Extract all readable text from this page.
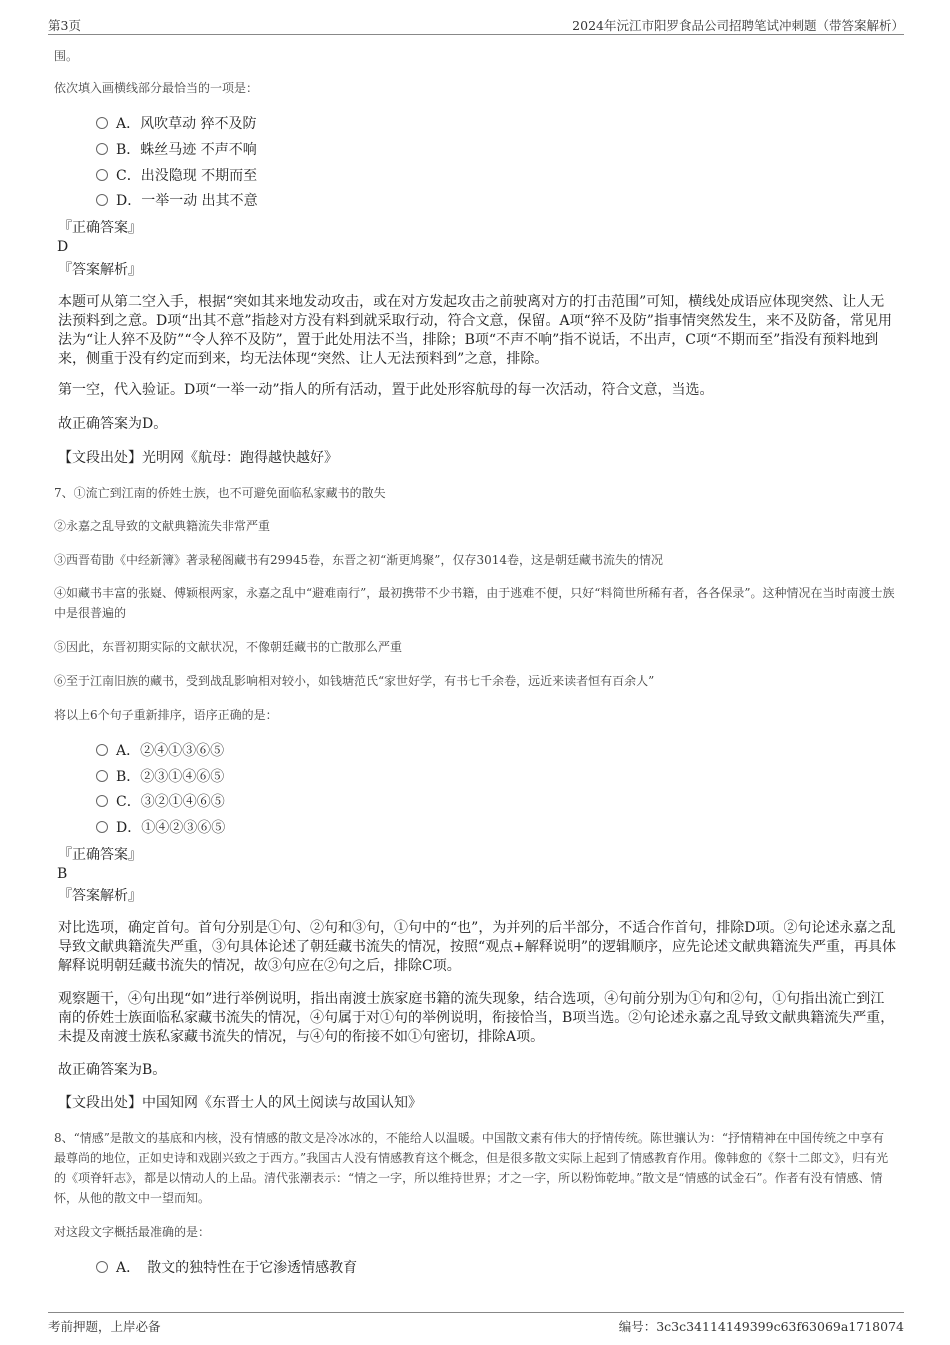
第3页	2024年沅江市阳罗食品公司招聘笔试冲刺题（带答案解析）
围。
依次填入画横线部分最恰当的一项是：
A．风吹草动 猝不及防
B．蛛丝马迹 不声不响
C．出没隐现 不期而至
D．一举一动 出其不意
『正确答案』
D
『答案解析』
本题可从第二空入手，根据“突如其来地发动攻击，或在对方发起攻击之前驶离对方的打击范围”可知，横线处成语应体现突然、让人无法预料到之意。D项“出其不意”指趁对方没有料到就采取行动，符合文意，保留。A项“猝不及防”指事情突然发生，来不及防备，常见用法为“让人猝不及防”“令人猝不及防”，置于此处用法不当，排除；B项“不声不响”指不说话，不出声，C项“不期而至”指没有预料地到来，侧重于没有约定而到来，均无法体现“突然、让人无法预料到”之意，排除。
第一空，代入验证。D项“一举一动”指人的所有活动，置于此处形容航母的每一次活动，符合文意，当选。
故正确答案为D。
【文段出处】光明网《航母：跑得越快越好》
7、①流亡到江南的侨姓士族，也不可避免面临私家藏书的散失
②永嘉之乱导致的文献典籍流失非常严重
③西晋荀勖《中经新簿》著录秘阁藏书有29945卷，东晋之初“渐更鸠聚”，仅存3014卷，这是朝廷藏书流失的情况
④如藏书丰富的张嶷、傅颖根两家，永嘉之乱中“避难南行”，最初携带不少书籍，由于逃难不便，只好“料简世所稀有者，各各保录”。这种情况在当时南渡士族中是很普遍的
⑤因此，东晋初期实际的文献状况，不像朝廷藏书的亡散那么严重
⑥至于江南旧族的藏书，受到战乱影响相对较小，如钱塘范氏“家世好学，有书七千余卷，远近来读者恒有百余人”
将以上6个句子重新排序，语序正确的是：
A．②④①③⑥⑤
B．②③①④⑥⑤
C．③②①④⑥⑤
D．①④②③⑥⑤
『正确答案』
B
『答案解析』
对比选项，确定首句。首句分别是①句、②句和③句，①句中的“也”，为并列的后半部分，不适合作首句，排除D项。②句论述永嘉之乱导致文献典籍流失严重，③句具体论述了朝廷藏书流失的情况，按照“观点+解释说明”的逻辑顺序，应先论述文献典籍流失严重，再具体解释说明朝廷藏书流失的情况，故③句应在②句之后，排除C项。
观察题干，④句出现“如”进行举例说明，指出南渡士族家庭书籍的流失现象，结合选项，④句前分别为①句和②句，①句指出流亡到江南的侨姓士族面临私家藏书流失的情况，④句属于对①句的举例说明，衔接恰当，B项当选。②句论述永嘉之乱导致文献典籍流失严重，未提及南渡士族私家藏书流失的情况，与④句的衔接不如①句密切，排除A项。
故正确答案为B。
【文段出处】中国知网《东晋士人的风土阅读与故国认知》
8、“情感”是散文的基底和内核，没有情感的散文是冷冰冰的，不能给人以温暖。中国散文素有伟大的抒情传统。陈世骧认为：“抒情精神在中国传统之中享有最尊尚的地位，正如史诗和戏剧兴致之于西方。”我国古人没有情感教育这个概念，但是很多散文实际上起到了情感教育作用。像韩愈的《祭十二郎文》，归有光的《项脊轩志》，都是以情动人的上品。清代张潮表示：“情之一字，所以维持世界；才之一字，所以粉饰乾坤。”散文是“情感的试金石”。作者有没有情感、情怀，从他的散文中一望而知。
对这段文字概括最准确的是：
A．　散文的独特性在于它渗透情感教育
考前押题，上岸必备	编号：3c3c34114149399c63f63069a1718074
